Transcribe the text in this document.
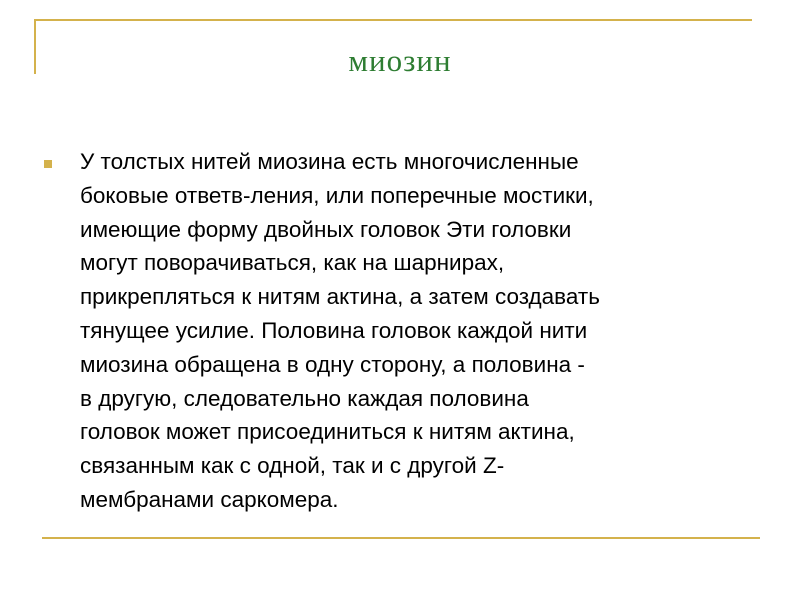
миозин
У толстых нитей миозина есть многочисленные
боковые ответв-ления, или поперечные мостики,
имеющие форму двойных головок Эти головки
могут поворачиваться, как на шарнирах,
прикрепляться к нитям актина, а затем создавать
тянущее усилие. Половина головок каждой нити
миозина обращена в одну сторону, а половина -
в другую, следовательно каждая половина
головок может присоединиться к нитям актина,
связанным как с одной, так и с другой Z-
мембранами саркомера.
